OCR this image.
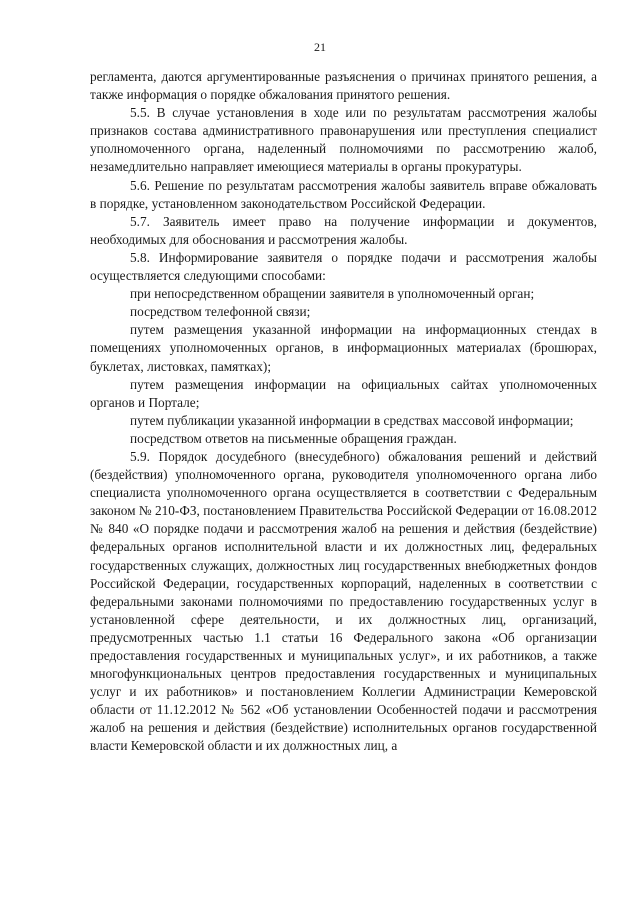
21

регламента, даются аргументированные разъяснения о причинах принятого решения, а также информация о порядке обжалования принятого решения.

5.5. В случае установления в ходе или по результатам рассмотрения жалобы признаков состава административного правонарушения или преступления специалист уполномоченного органа, наделенный полномочиями по рассмотрению жалоб, незамедлительно направляет имеющиеся материалы в органы прокуратуры.

5.6. Решение по результатам рассмотрения жалобы заявитель вправе обжаловать в порядке, установленном законодательством Российской Федерации.

5.7. Заявитель имеет право на получение информации и документов, необходимых для обоснования и рассмотрения жалобы.

5.8. Информирование заявителя о порядке подачи и рассмотрения жалобы осуществляется следующими способами:

при непосредственном обращении заявителя в уполномоченный орган;

посредством телефонной связи;

путем размещения указанной информации на информационных стендах в помещениях уполномоченных органов, в информационных материалах (брошюрах, буклетах, листовках, памятках);

путем размещения информации на официальных сайтах уполномоченных органов и Портале;

путем публикации указанной информации в средствах массовой информации;

посредством ответов на письменные обращения граждан.

5.9. Порядок досудебного (внесудебного) обжалования решений и действий (бездействия) уполномоченного органа, руководителя уполномоченного органа либо специалиста уполномоченного органа осуществляется в соответствии с Федеральным законом № 210-ФЗ, постановлением Правительства Российской Федерации от 16.08.2012 № 840 «О порядке подачи и рассмотрения жалоб на решения и действия (бездействие) федеральных органов исполнительной власти и их должностных лиц, федеральных государственных служащих, должностных лиц государственных внебюджетных фондов Российской Федерации, государственных корпораций, наделенных в соответствии с федеральными законами полномочиями по предоставлению государственных услуг в установленной сфере деятельности, и их должностных лиц, организаций, предусмотренных частью 1.1 статьи 16 Федерального закона «Об организации предоставления государственных и муниципальных услуг», и их работников, а также многофункциональных центров предоставления государственных и муниципальных услуг и их работников» и постановлением Коллегии Администрации Кемеровской области от 11.12.2012 № 562 «Об установлении Особенностей подачи и рассмотрения жалоб на решения и действия (бездействие) исполнительных органов государственной власти Кемеровской области и их должностных лиц, а
